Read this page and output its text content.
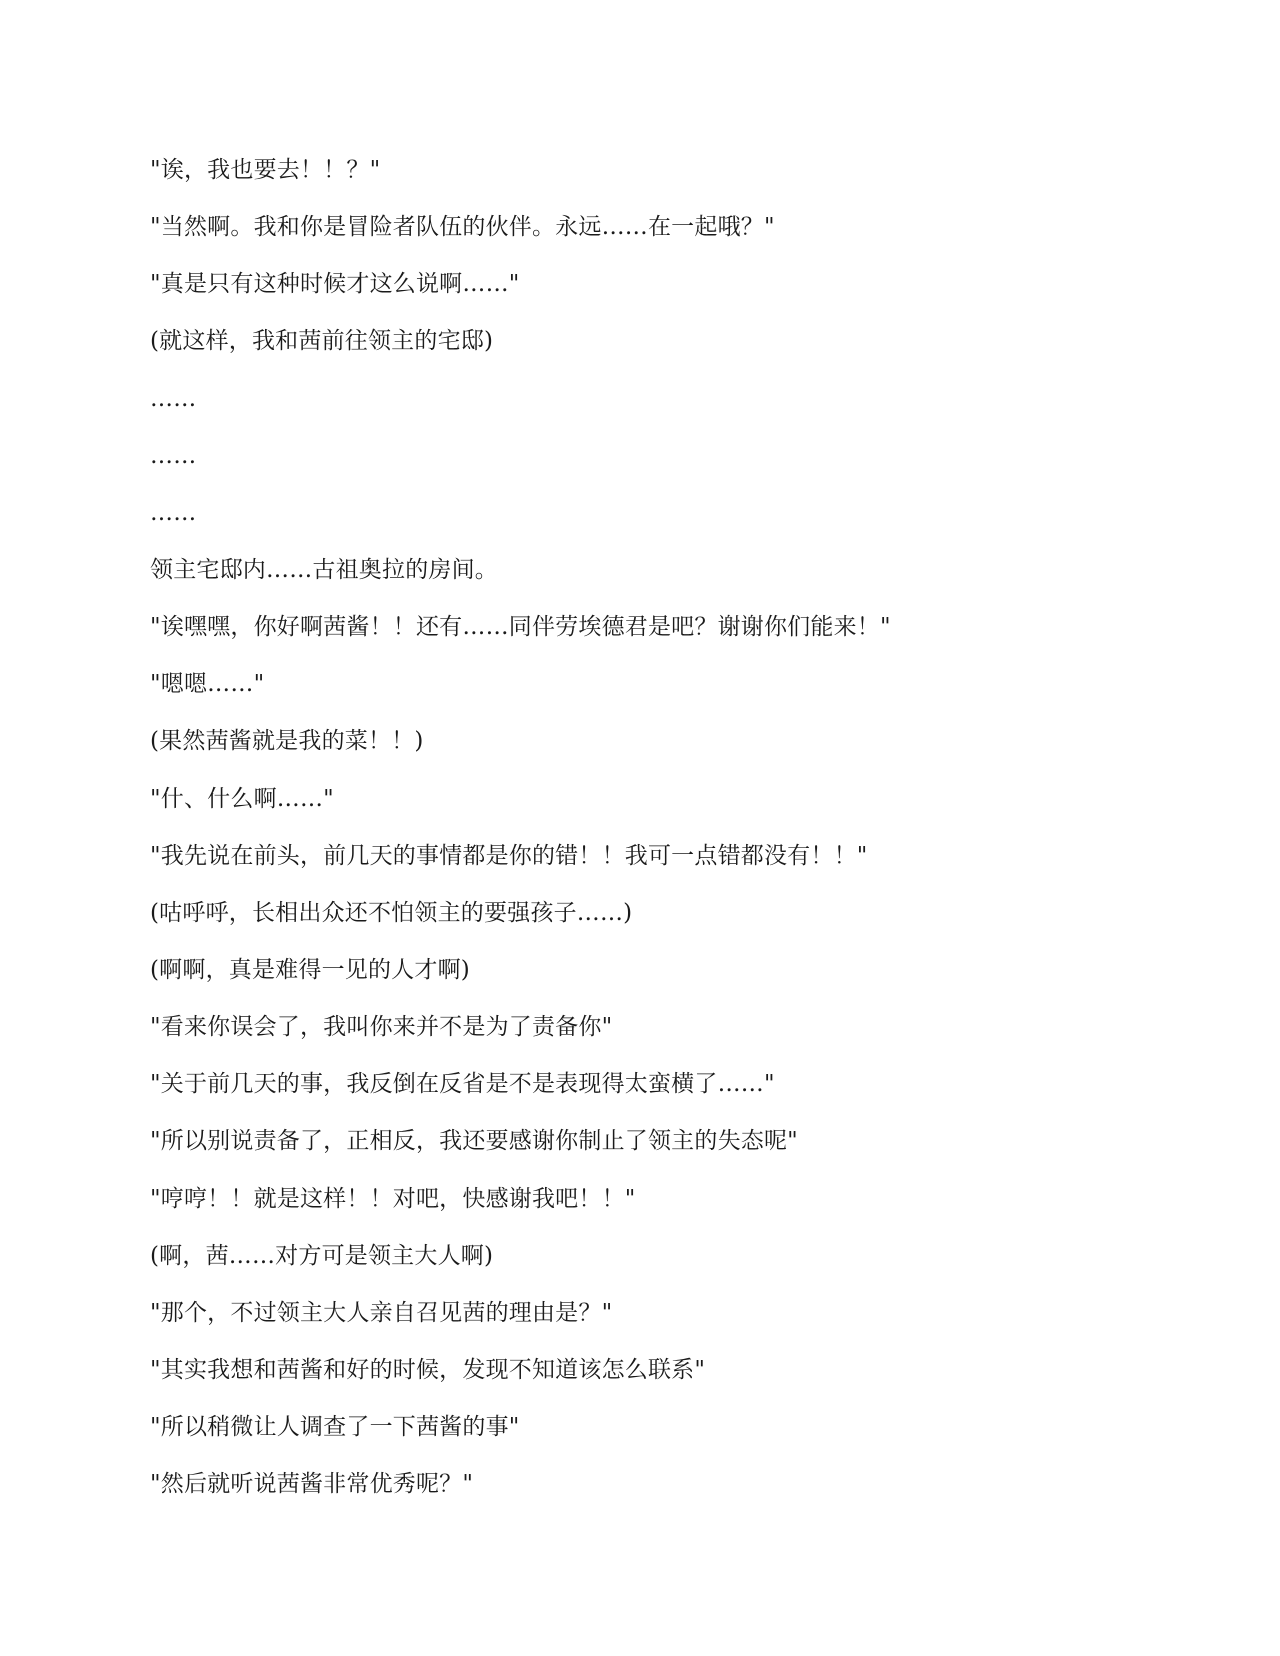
"诶，我也要去！！？"
"当然啊。我和你是冒险者队伍的伙伴。永远……在一起哦？"
"真是只有这种时候才这么说啊……"
(就这样，我和茜前往领主的宅邸)
……
……
……
领主宅邸内……古祖奥拉的房间。
"诶嘿嘿，你好啊茜酱！！还有……同伴劳埃德君是吧？谢谢你们能来！"
"嗯嗯……"
(果然茜酱就是我的菜！！)
"什、什么啊……"
"我先说在前头，前几天的事情都是你的错！！我可一点错都没有！！"
(咕呼呼，长相出众还不怕领主的要强孩子……)
(啊啊，真是难得一见的人才啊)
"看来你误会了，我叫你来并不是为了责备你"
"关于前几天的事，我反倒在反省是不是表现得太蛮横了……"
"所以别说责备了，正相反，我还要感谢你制止了领主的失态呢"
"哼哼！！就是这样！！对吧，快感谢我吧！！"
(啊，茜……对方可是领主大人啊)
"那个，不过领主大人亲自召见茜的理由是？"
"其实我想和茜酱和好的时候，发现不知道该怎么联系"
"所以稍微让人调查了一下茜酱的事"
"然后就听说茜酱非常优秀呢？"
